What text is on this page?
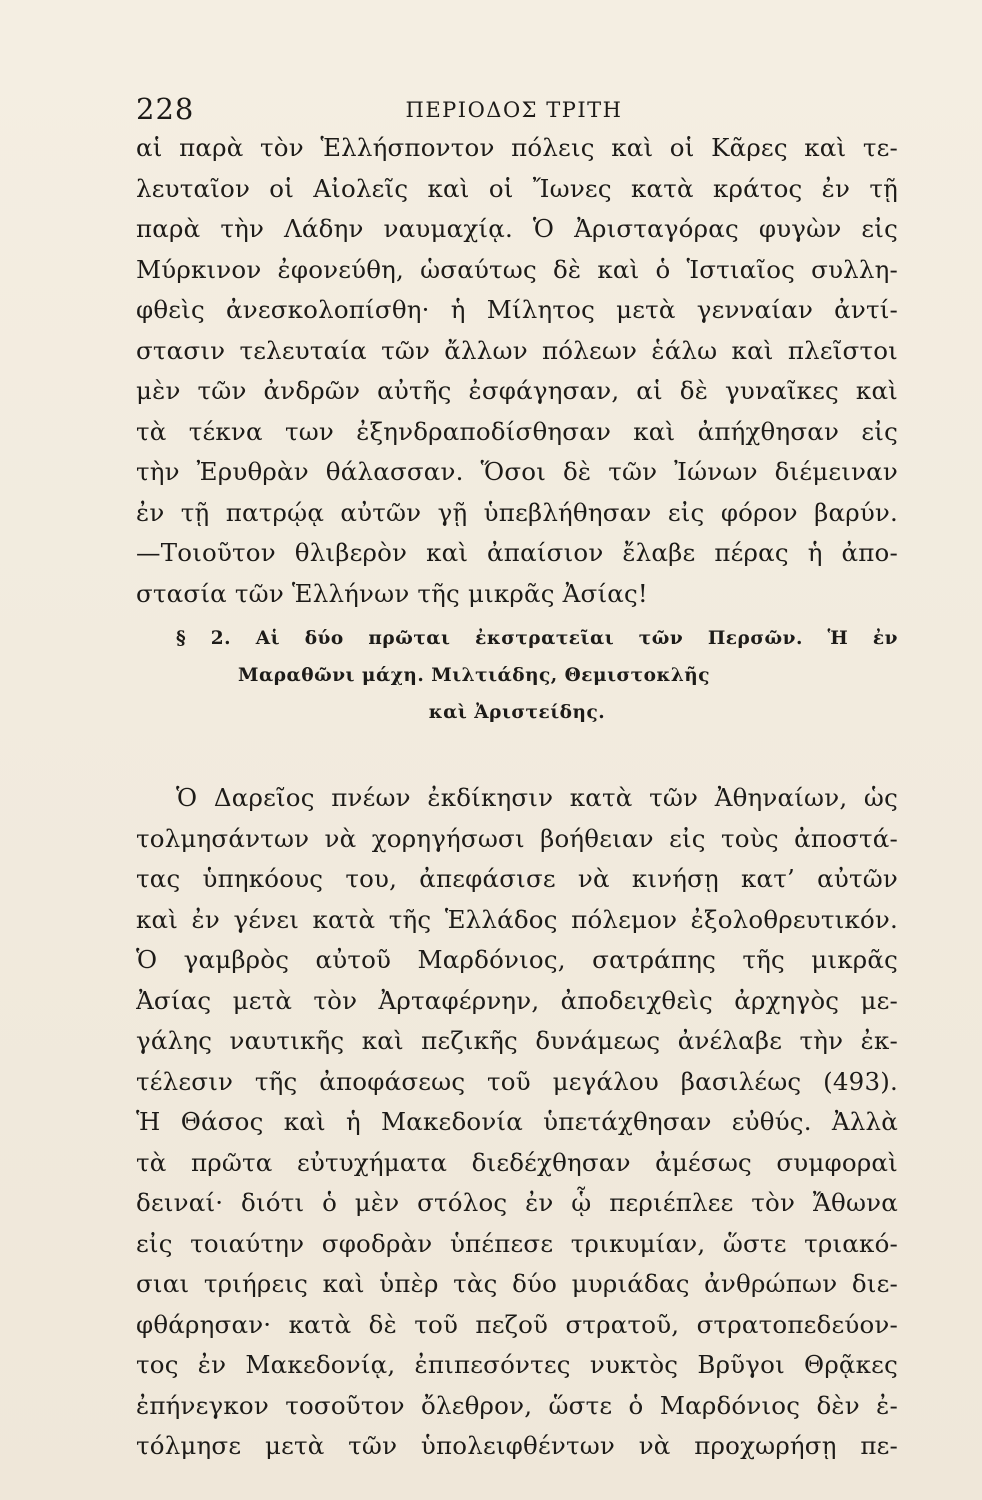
228	ΠΕΡΙΟΔΟΣ ΤΡΙΤΗ
αἱ παρὰ τὸν Ἑλλήσποντον πόλεις καὶ οἱ Κᾶρες καὶ τε-
λευταῖον οἱ Αἰολεῖς καὶ οἱ Ἴωνες κατὰ κράτος ἐν τῇ
παρὰ τὴν Λάδην ναυμαχίᾳ. Ὁ Ἀρισταγόρας φυγὼν εἰς
Μύρκινον ἐφονεύθη, ὡσαύτως δὲ καὶ ὁ Ἱστιαῖος συλλη-
φθεὶς ἀνεσκολοπίσθη· ἡ Μίλητος μετὰ γενναίαν ἀντί-
στασιν τελευταία τῶν ἄλλων πόλεων ἑάλω καὶ πλεῖστοι
μὲν τῶν ἀνδρῶν αὐτῆς ἐσφάγησαν, αἱ δὲ γυναῖκες καὶ
τὰ τέκνα των ἐξηνδραποδίσθησαν καὶ ἀπήχθησαν εἰς
τὴν Ἐρυθρὰν θάλασσαν. Ὅσοι δὲ τῶν Ἰώνων διέμειναν
ἐν τῇ πατρῴᾳ αὐτῶν γῇ ὑπεβλήθησαν εἰς φόρον βαρύν.
—Τοιοῦτον θλιβερὸν καὶ ἀπαίσιον ἔλαβε πέρας ἡ ἀπο-
στασία τῶν Ἑλλήνων τῆς μικρᾶς Ἀσίας!
§ 2. Αἱ δύο πρῶται ἐκστρατεῖαι τῶν Περσῶν. Ἡ ἐν
Μαραθῶνι μάχη. Μιλτιάδης, Θεμιστοκλῆς
καὶ Ἀριστείδης.
Ὁ Δαρεῖος πνέων ἐκδίκησιν κατὰ τῶν Ἀθηναίων, ὡς
τολμησάντων νὰ χορηγήσωσι βοήθειαν εἰς τοὺς ἀποστά-
τας ὑπηκόους του, ἀπεφάσισε νὰ κινήσῃ κατ’ αὐτῶν
καὶ ἐν γένει κατὰ τῆς Ἑλλάδος πόλεμον ἐξολοθρευτικόν.
Ὁ γαμβρὸς αὐτοῦ Μαρδόνιος, σατράπης τῆς μικρᾶς
Ἀσίας μετὰ τὸν Ἀρταφέρνην, ἀποδειχθεὶς ἀρχηγὸς με-
γάλης ναυτικῆς καὶ πεζικῆς δυνάμεως ἀνέλαβε τὴν ἐκ-
τέλεσιν τῆς ἀποφάσεως τοῦ μεγάλου βασιλέως (493).
Ἡ Θάσος καὶ ἡ Μακεδονία ὑπετάχθησαν εὐθύς. Ἀλλὰ
τὰ πρῶτα εὐτυχήματα διεδέχθησαν ἀμέσως συμφοραὶ
δειναί· διότι ὁ μὲν στόλος ἐν ᾧ περιέπλεε τὸν Ἄθωνα
εἰς τοιαύτην σφοδρὰν ὑπέπεσε τρικυμίαν, ὥστε τριακό-
σιαι τριήρεις καὶ ὑπὲρ τὰς δύο μυριάδας ἀνθρώπων διε-
φθάρησαν· κατὰ δὲ τοῦ πεζοῦ στρατοῦ, στρατοπεδεύον-
τος ἐν Μακεδονίᾳ, ἐπιπεσόντες νυκτὸς Βρῦγοι Θρᾷκες
ἐπήνεγκον τοσοῦτον ὄλεθρον, ὥστε ὁ Μαρδόνιος δὲν ἐ-
τόλμησε μετὰ τῶν ὑπολειφθέντων νὰ προχωρήσῃ πε-
